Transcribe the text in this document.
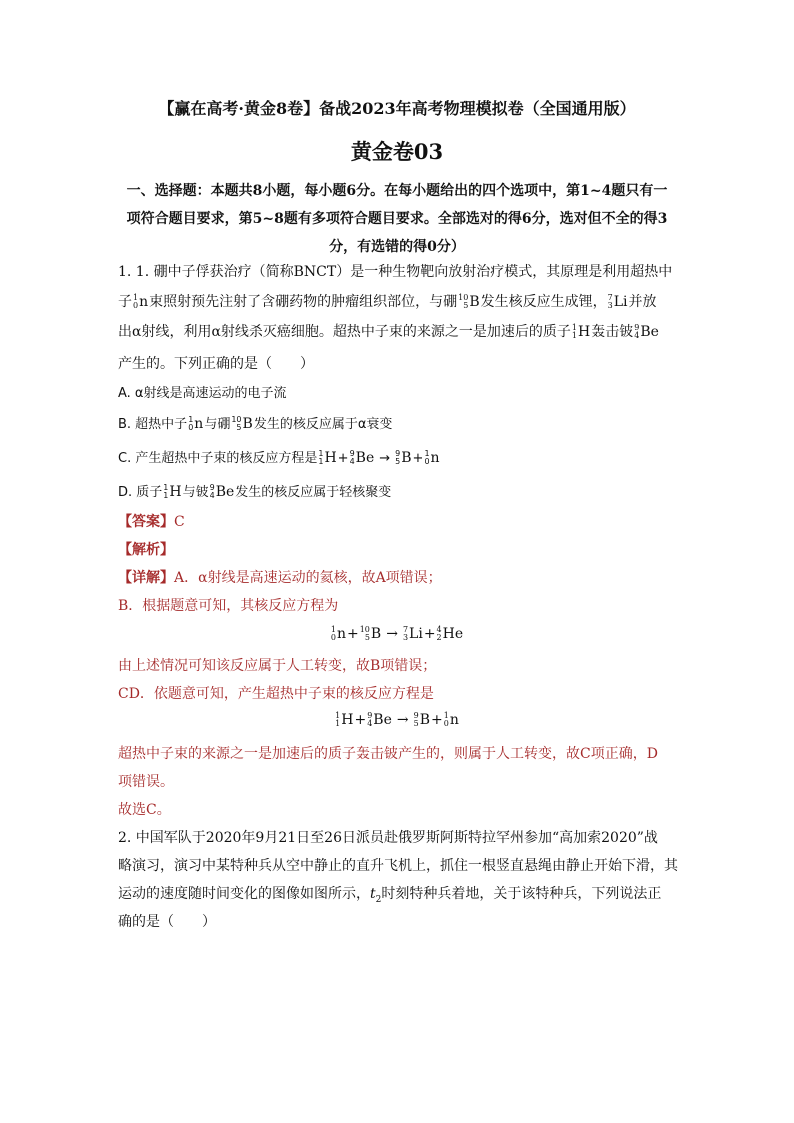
【赢在高考·黄金8卷】备战2023年高考物理模拟卷（全国通用版）
黄金卷03
一、选择题：本题共8小题，每小题6分。在每小题给出的四个选项中，第1~4题只有一
项符合题目要求，第5~8题有多项符合题目要求。全部选对的得6分，选对但不全的得3
分，有选错的得0分）
1. 1. 硼中子俘获治疗（简称BNCT）是一种生物靶向放射治疗模式，其原理是利用超热中
子 1
0 n束照射预先注射了含硼药物的肿瘤组织部位，与硼 10
5 B发生核反应生成锂， 7
3 Li并放
出α射线，利用α射线杀灭癌细胞。超热中子束的来源之一是加速后的质子 1
1 H轰击铍 9
4 Be
产生的。下列正确的是（　　）
A. α射线是高速运动的电子流
B. 超热中子 1
0 n与硼 10
5 B发生的核反应属于α衰变
C. 产生超热中子束的核反应方程是 1
1 H+ 9
4 Be → 9
5 B+ 1
0 n
D. 质子 1
1 H与铍 9
4 Be发生的核反应属于轻核聚变
【答案】C
【解析】
【详解】A．α射线是高速运动的氦核，故A项错误；
B．根据题意可知，其核反应方程为
1
0 n+ 10
5 B → 7
3 Li+ 4
2 He
由上述情况可知该反应属于人工转变，故B项错误；
CD．依题意可知，产生超热中子束的核反应方程是
1
1 H+ 9
4 Be → 9
5 B+ 1
0 n
超热中子束的来源之一是加速后的质子轰击铍产生的，则属于人工转变，故C项正确，D
项错误。
故选C。
2. 中国军队于2020年9月21日至26日派员赴俄罗斯阿斯特拉罕州参加“高加索2020”战
略演习，演习中某特种兵从空中静止的直升飞机上，抓住一根竖直悬绳由静止开始下滑，其
运动的速度随时间变化的图像如图所示，$t_2$时刻特种兵着地，关于该特种兵，下列说法正
确的是（　　）
